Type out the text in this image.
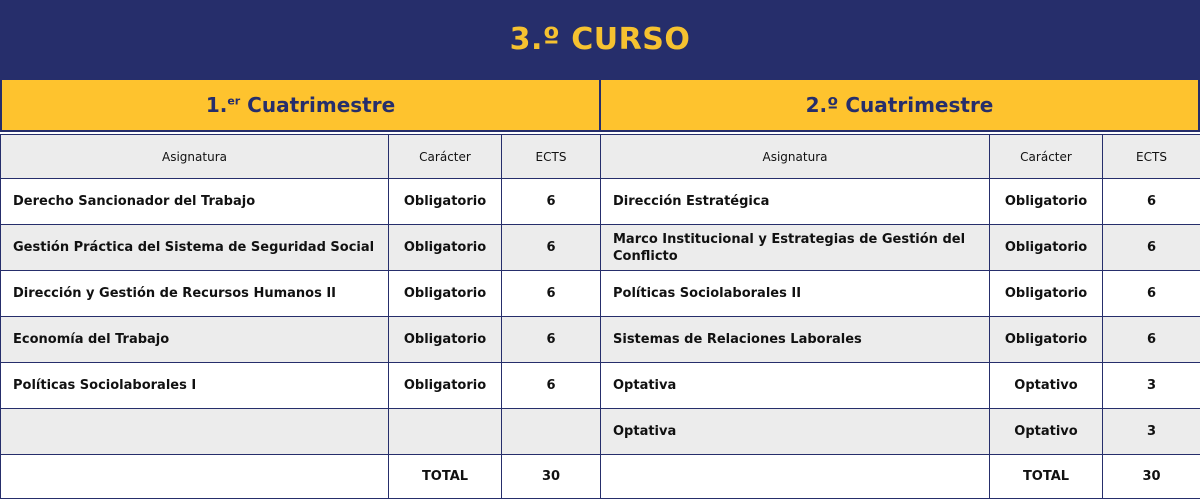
3.º CURSO
1.$^{er}$ Cuatrimestre
Asignatura	Carácter	ECTS
Derecho Sancionador del Trabajo	Obligatorio	6
Gestión Práctica del Sistema de Seguridad Social	Obligatorio	6
Dirección y Gestión de Recursos Humanos II	Obligatorio	6
Economía del Trabajo	Obligatorio	6
Políticas Sociolaborales I	Obligatorio	6

	TOTAL	30
2.º Cuatrimestre
Asignatura	Carácter	ECTS
Dirección Estratégica	Obligatorio	6
Marco Institucional y Estrategias de Gestión del Conflicto	Obligatorio	6
Políticas Sociolaborales II	Obligatorio	6
Sistemas de Relaciones Laborales	Obligatorio	6
Optativa	Optativo	3
Optativa	Optativo	3
	TOTAL	30
